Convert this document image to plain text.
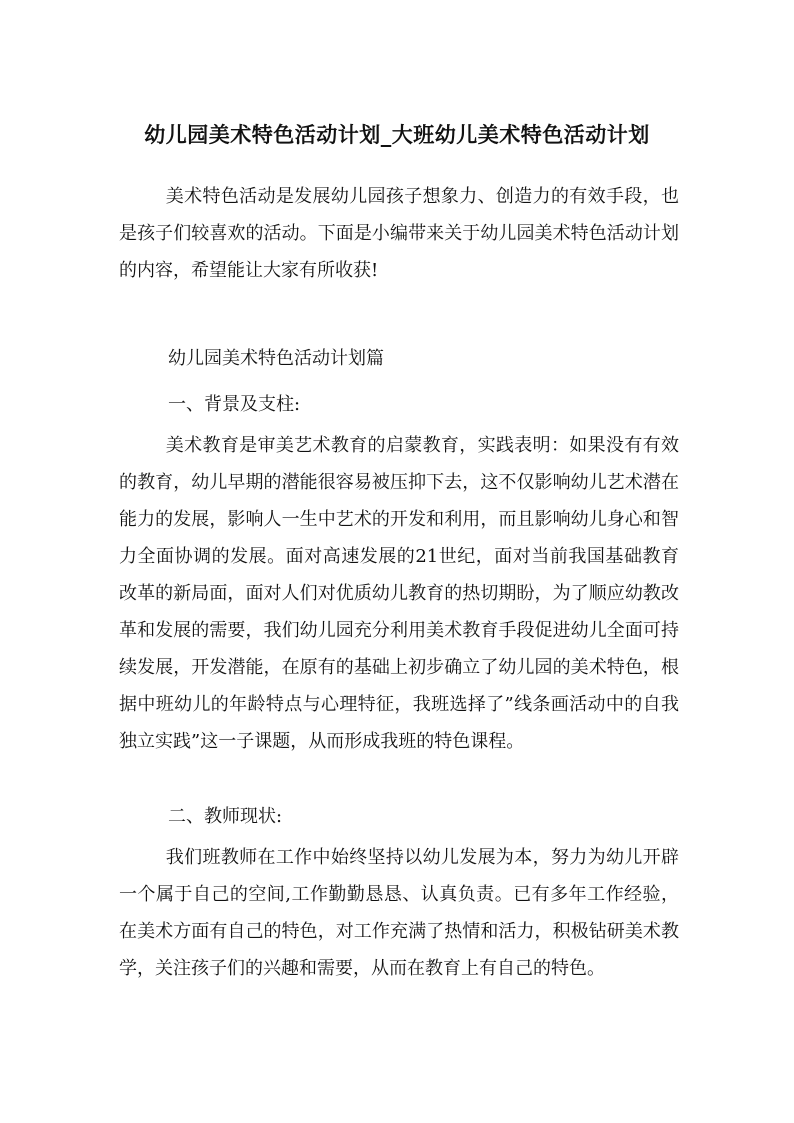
幼儿园美术特色活动计划_大班幼儿美术特色活动计划

美术特色活动是发展幼儿园孩子想象力、创造力的有效手段，也是孩子们较喜欢的活动。下面是小编带来关于幼儿园美术特色活动计划的内容，希望能让大家有所收获!

幼儿园美术特色活动计划篇
一、背景及支柱:

美术教育是审美艺术教育的启蒙教育，实践表明：如果没有有效的教育，幼儿早期的潜能很容易被压抑下去，这不仅影响幼儿艺术潜在能力的发展，影响人一生中艺术的开发和利用，而且影响幼儿身心和智力全面协调的发展。面对高速发展的21世纪，面对当前我国基础教育改革的新局面，面对人们对优质幼儿教育的热切期盼，为了顺应幼教改革和发展的需要，我们幼儿园充分利用美术教育手段促进幼儿全面可持续发展，开发潜能，在原有的基础上初步确立了幼儿园的美术特色，根据中班幼儿的年龄特点与心理特征，我班选择了”线条画活动中的自我独立实践”这一子课题，从而形成我班的特色课程。

二、教师现状:

我们班教师在工作中始终坚持以幼儿发展为本，努力为幼儿开辟一个属于自己的空间,工作勤勤恳恳、认真负责。已有多年工作经验，在美术方面有自己的特色，对工作充满了热情和活力，积极钻研美术教学，关注孩子们的兴趣和需要，从而在教育上有自己的特色。
